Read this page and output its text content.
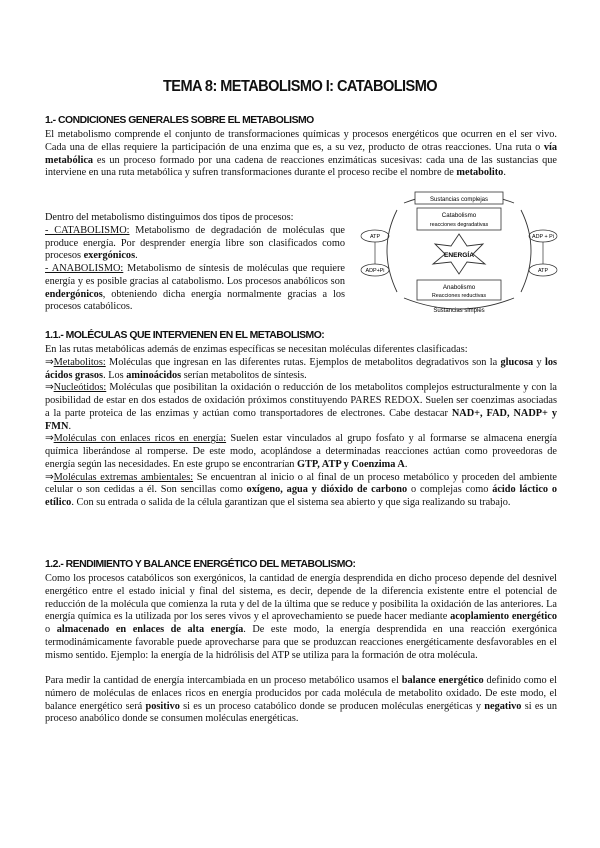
TEMA 8: METABOLISMO I: CATABOLISMO
1.- CONDICIONES GENERALES SOBRE EL METABOLISMO

El metabolismo comprende el conjunto de transformaciones químicas y procesos energéticos que ocurren en el ser vivo. Cada una de ellas requiere la participación de una enzima que es, a su vez, producto de otras reacciones. Una ruta o vía metabólica es un proceso formado por una cadena de reacciones enzimáticas sucesivas: cada una de las sustancias que interviene en una ruta metabólica y sufren transformaciones durante el proceso recibe el nombre de metabolito.

Dentro del metabolismo distinguimos dos tipos de procesos:

- CATABOLISMO: Metabolismo de degradación de moléculas que produce energía. Por desprender energía libre son clasificados como procesos exergónicos.

- ANABOLISMO: Metabolismo de síntesis de moléculas que requiere energía y es posible gracias al catabolismo. Los procesos anabólicos son endergónicos, obteniendo dicha energía normalmente gracias a los procesos catabólicos.

Sustancias complejas
Catabolismo
reacciones degradativas
ENERGÍA
Anabolismo
Reacciones reductivas
Sustancias simples
ATP
ADP+Pi
ADP + Pi
ATP
1.1.- MOLÉCULAS QUE INTERVIENEN EN EL METABOLISMO:

En las rutas metabólicas además de enzimas específicas se necesitan moléculas diferentes clasificadas:

⇒Metabolitos: Moléculas que ingresan en las diferentes rutas. Ejemplos de metabolitos degradativos son la glucosa y los ácidos grasos. Los aminoácidos serían metabolitos de síntesis.

⇒Nucleótidos: Moléculas que posibilitan la oxidación o reducción de los metabolitos complejos estructuralmente y con la posibilidad de estar en dos estados de oxidación próximos constituyendo PARES REDOX. Suelen ser coenzimas asociadas a la parte proteica de las enzimas y actúan como transportadores de electrones. Cabe destacar NAD+, FAD, NADP+ y FMN.

⇒Moléculas con enlaces ricos en energía: Suelen estar vinculados al grupo fosfato y al formarse se almacena energía química liberándose al romperse. De este modo, acoplándose a determinadas reacciones actúan como proveedoras de energía según las necesidades. En este grupo se encontrarían GTP, ATP y Coenzima A.

⇒Moléculas extremas ambientales: Se encuentran al inicio o al final de un proceso metabólico y proceden del ambiente celular o son cedidas a él. Son sencillas como oxígeno, agua y dióxido de carbono o complejas como ácido láctico o etílico. Con su entrada o salida de la célula garantizan que el sistema sea abierto y que siga realizando su trabajo.

1.2.- RENDIMIENTO Y BALANCE ENERGÉTICO DEL METABOLISMO:

Como los procesos catabólicos son exergónicos, la cantidad de energía desprendida en dicho proceso depende del desnivel energético entre el estado inicial y final del sistema, es decir, depende de la diferencia existente entre el potencial de reducción de la molécula que comienza la ruta y del de la última que se reduce y posibilita la oxidación de las anteriores. La energía química es la utilizada por los seres vivos y el aprovechamiento se puede hacer mediante acoplamiento energético o almacenado en enlaces de alta energía. De este modo, la energía desprendida en una reacción exergónica termodinámicamente favorable puede aprovecharse para que se produzcan reacciones energéticamente desfavorables en el mismo sentido. Ejemplo: la energía de la hidrólisis del ATP se utiliza para la formación de otra molécula.

Para medir la cantidad de energía intercambiada en un proceso metabólico usamos el balance energético definido como el número de moléculas de enlaces ricos en energía producidos por cada molécula de metabolito oxidado. De este modo, el balance energético será positivo si es un proceso catabólico donde se producen moléculas energéticas y negativo si es un proceso anabólico donde se consumen moléculas energéticas.
